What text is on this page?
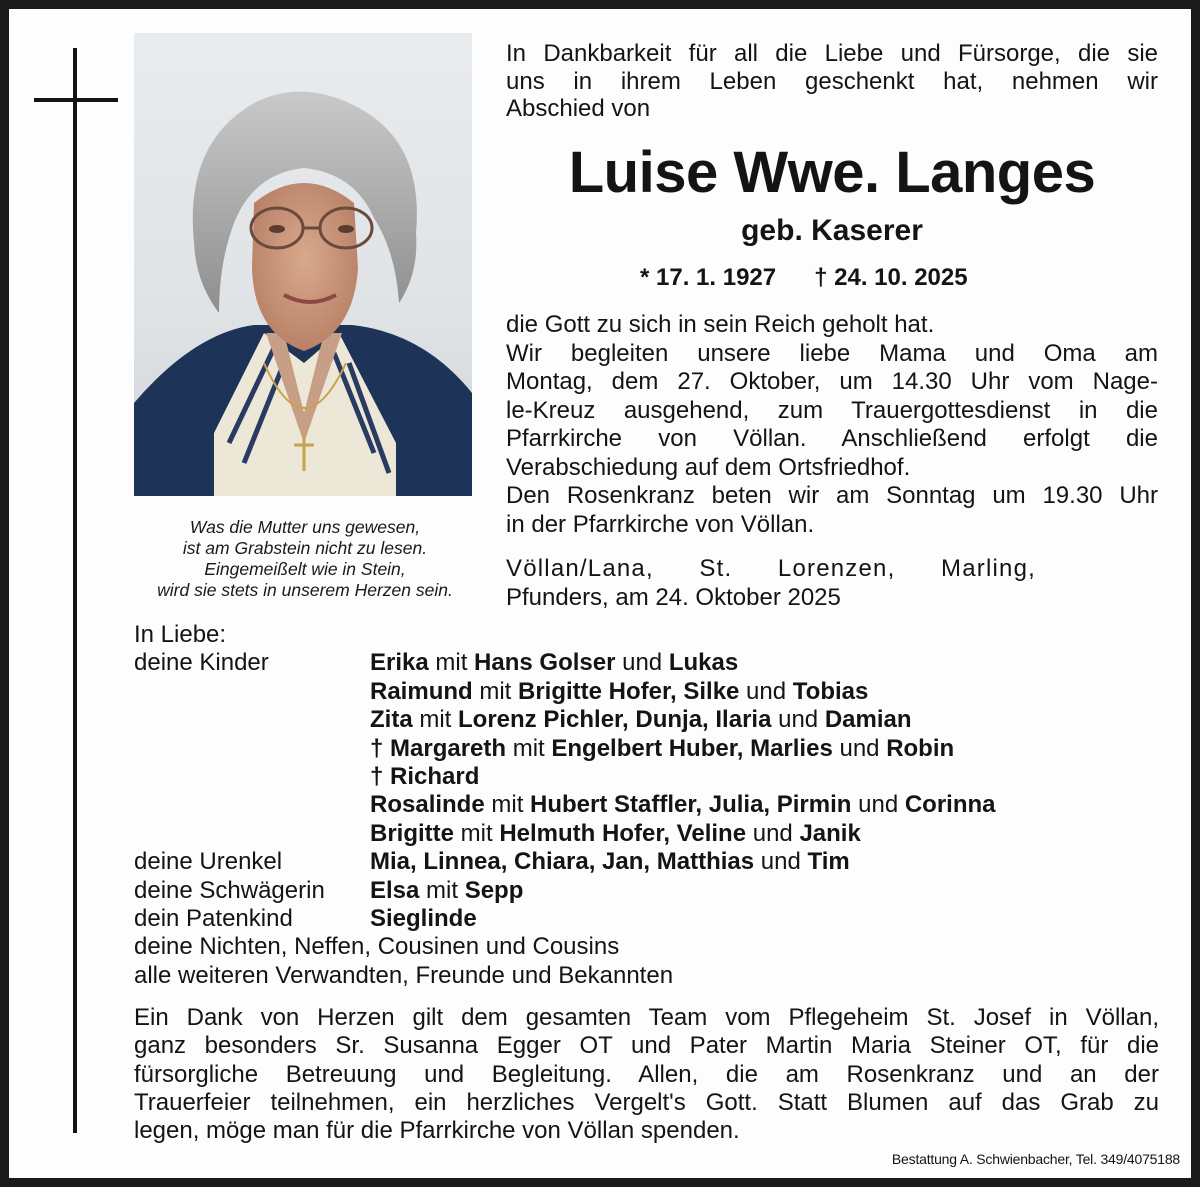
Was die Mutter uns gewesen,
ist am Grabstein nicht zu lesen.
Eingemeißelt wie in Stein,
wird sie stets in unserem Herzen sein.
In Dankbarkeit für all die Liebe und Fürsorge, die sie
uns in ihrem Leben geschenkt hat, nehmen wir
Abschied von
Luise Wwe. Langes
geb. Kaserer
* 17. 1. 1927 † 24. 10. 2025
die Gott zu sich in sein Reich geholt hat.
Wir begleiten unsere liebe Mama und Oma am
Montag, dem 27. Oktober, um 14.30 Uhr vom Nage-
le-Kreuz ausgehend, zum Trauergottesdienst in die
Pfarrkirche von Völlan. Anschließend erfolgt die
Verabschiedung auf dem Ortsfriedhof.
Den Rosenkranz beten wir am Sonntag um 19.30 Uhr
in der Pfarrkirche von Völlan.
Völlan/Lana, St. Lorenzen, Marling,
Pfunders, am 24. Oktober 2025
In Liebe:
deine Kinder	Erika mit Hans Golser und Lukas
Raimund mit Brigitte Hofer, Silke und Tobias
Zita mit Lorenz Pichler, Dunja, Ilaria und Damian
† Margareth mit Engelbert Huber, Marlies und Robin
† Richard
Rosalinde mit Hubert Staffler, Julia, Pirmin und Corinna
Brigitte mit Helmuth Hofer, Veline und Janik
deine Urenkel	Mia, Linnea, Chiara, Jan, Matthias und Tim
deine Schwägerin	Elsa mit Sepp
dein Patenkind	Sieglinde
deine Nichten, Neffen, Cousinen und Cousins
alle weiteren Verwandten, Freunde und Bekannten
Ein Dank von Herzen gilt dem gesamten Team vom Pflegeheim St. Josef in Völlan,
ganz besonders Sr. Susanna Egger OT und Pater Martin Maria Steiner OT, für die
fürsorgliche Betreuung und Begleitung. Allen, die am Rosenkranz und an der
Trauerfeier teilnehmen, ein herzliches Vergelt's Gott. Statt Blumen auf das Grab zu
legen, möge man für die Pfarrkirche von Völlan spenden.
Bestattung A. Schwienbacher, Tel. 349/4075188
